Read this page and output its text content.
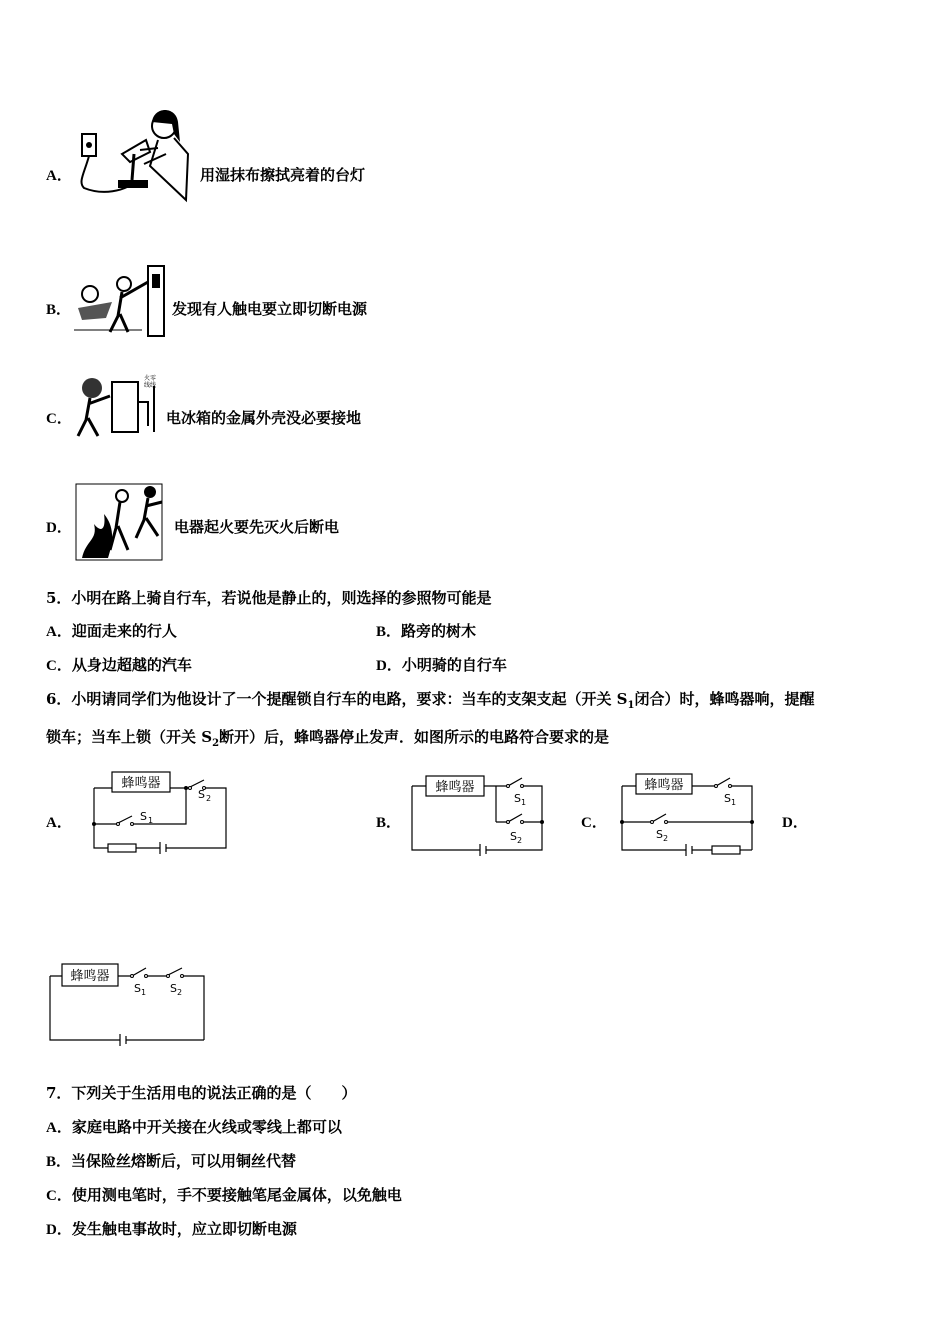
A．	用湿抹布擦拭亮着的台灯
B．	发现有人触电要立即切断电源
C．
火零
线线
电冰箱的金属外壳没必要接地
D．	电器起火要先灭火后断电
5．小明在路上骑自行车，若说他是静止的，则选择的参照物可能是
A．迎面走来的行人	B．路旁的树木
C．从身边超越的汽车	D．小明骑的自行车
6．小明请同学们为他设计了一个提醒锁自行车的电路，要求：当车的支架支起（开关 $S_1$闭合）时，蜂鸣器响，提醒
锁车；当车上锁（开关 $S_2$断开）后，蜂鸣器停止发声．如图所示的电路符合要求的是
A．	B．	C．	D．
蜂鸣器
S 2
S 1
蜂鸣器
S 1
S 2
蜂鸣器
S 1
S 2
蜂鸣器
S 1 S 2
7．下列关于生活用电的说法正确的是（　　）
A．家庭电路中开关接在火线或零线上都可以
B．当保险丝熔断后，可以用铜丝代替
C．使用测电笔时，手不要接触笔尾金属体，以免触电
D．发生触电事故时，应立即切断电源
